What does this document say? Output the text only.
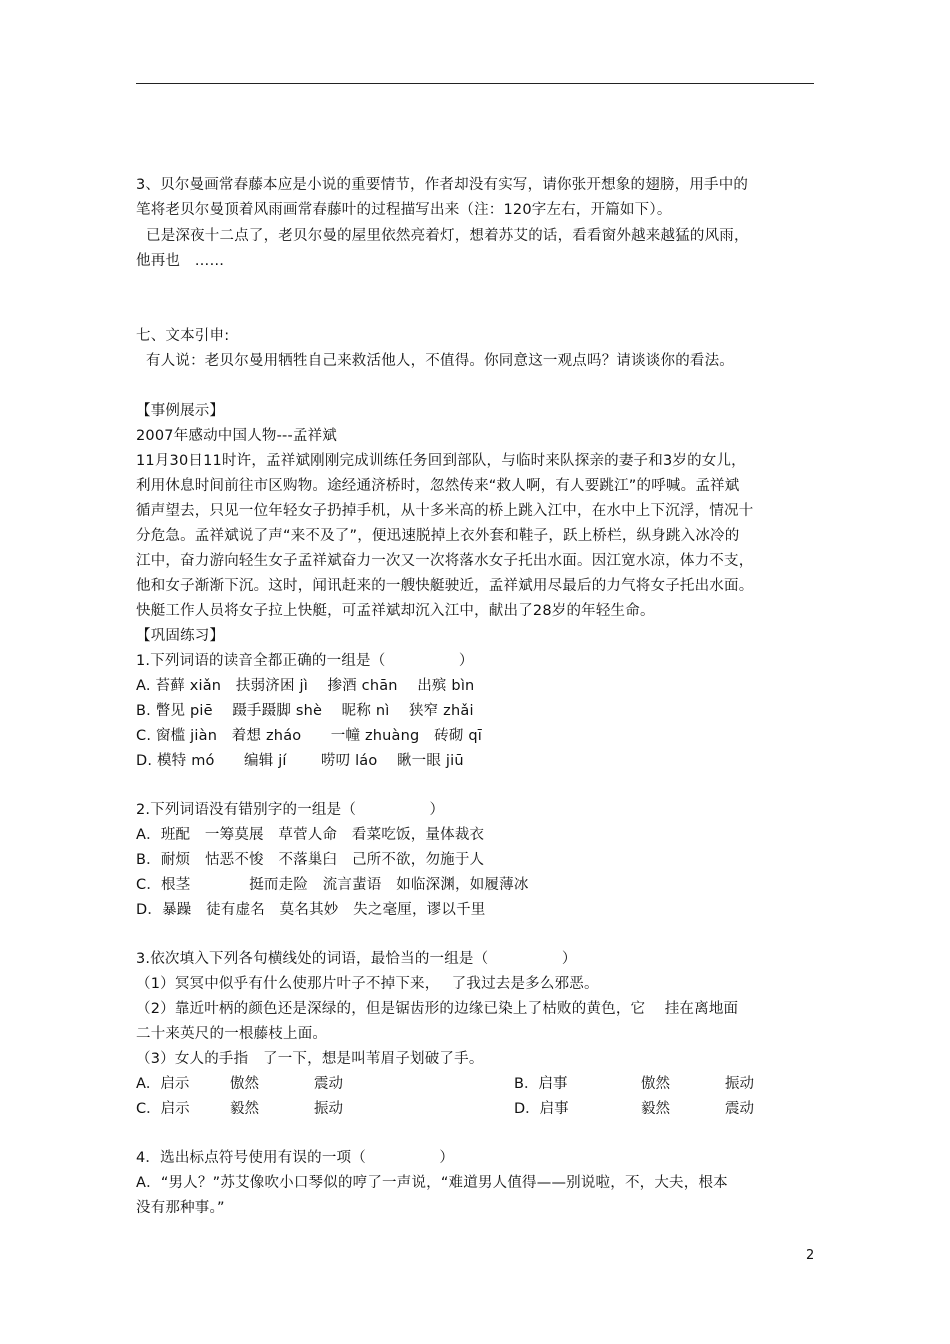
3、贝尔曼画常春藤本应是小说的重要情节，作者却没有实写，请你张开想象的翅膀，用手中的
笔将老贝尔曼顶着风雨画常春藤叶的过程描写出来（注：120字左右，开篇如下）。
已是深夜十二点了，老贝尔曼的屋里依然亮着灯，想着苏艾的话，看看窗外越来越猛的风雨，
他再也　……
七、文本引申:
有人说：老贝尔曼用牺牲自己来救活他人，不值得。你同意这一观点吗？请谈谈你的看法。
【事例展示】
2007年感动中国人物---孟祥斌
11月30日11时许，孟祥斌刚刚完成训练任务回到部队，与临时来队探亲的妻子和3岁的女儿，
利用休息时间前往市区购物。途经通济桥时，忽然传来“救人啊，有人要跳江”的呼喊。孟祥斌
循声望去，只见一位年轻女子扔掉手机，从十多米高的桥上跳入江中，在水中上下沉浮，情况十
分危急。孟祥斌说了声“来不及了”，便迅速脱掉上衣外套和鞋子，跃上桥栏，纵身跳入冰冷的
江中，奋力游向轻生女子孟祥斌奋力一次又一次将落水女子托出水面。因江宽水凉，体力不支，
他和女子渐渐下沉。这时，闻讯赶来的一艘快艇驶近，孟祥斌用尽最后的力气将女子托出水面。
快艇工作人员将女子拉上快艇，可孟祥斌却沉入江中，献出了28岁的年轻生命。
【巩固练习】
1.下列词语的读音全都正确的一组是（　　　　　）
A. 苔藓 xiǎn　扶弱济困 jì　 掺酒 chān　 出殡 bìn
B. 瞥见 piē　 蹑手蹑脚 shè　 昵称 nì　 狭窄 zhǎi
C. 窗槛 jiàn　着想 zháo　　一幢 zhuàng　砖砌 qī
D. 模特 mó　　编辑 jí　　 唠叨 láo　 瞅一眼 jiū
2.下列词语没有错别字的一组是（　　　　　）
A．班配　一筹莫展　草菅人命　看菜吃饭，量体裁衣
B．耐烦　怙恶不悛　不落巢臼　己所不欲，勿施于人
C．根茎　　　　挺而走险　流言蜚语　如临深渊，如履薄冰
D．暴躁　徒有虚名　莫名其妙　失之毫厘，谬以千里
3.依次填入下列各句横线处的词语，最恰当的一组是（　　　　　）
（1）冥冥中似乎有什么使那片叶子不掉下来，　 了我过去是多么邪恶。
（2）靠近叶柄的颜色还是深绿的，但是锯齿形的边缘已染上了枯败的黄色，它　 挂在离地面
二十来英尺的一根藤枝上面。
（3）女人的手指　了一下，想是叫苇眉子划破了手。
A．启示	傲然	震动	B．启事	傲然	振动
C．启示	毅然	振动	D．启事	毅然	震动
4．选出标点符号使用有误的一项（　　　　　）
A．“男人？”苏艾像吹小口琴似的哼了一声说，“难道男人值得——别说啦，不，大夫，根本
没有那种事。”
2
